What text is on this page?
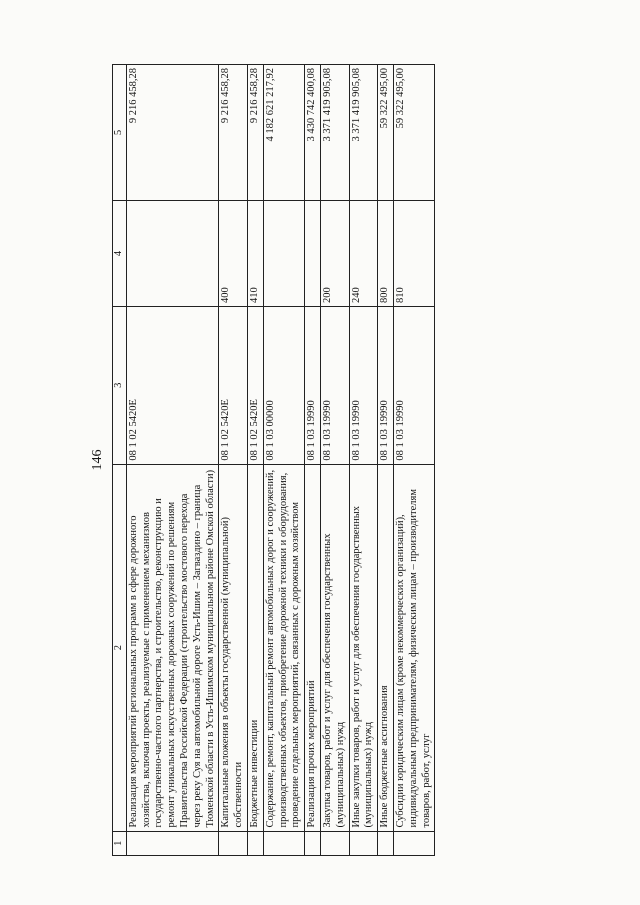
146
1	2	3	4	5
	Реализация мероприятий региональных программ в сфере дорожного хозяйства, включая проекты, реализуемые с применением механизмов государственно-частного партнерства, и строительство, реконструкцию и ремонт уникальных искусственных дорожных сооружений по решениям Правительства Российской Федерации (строительство мостового перехода через реку Суя на автомобильной дороге Усть-Ишим – Загваздино – граница Тюменской области в Усть-Ишимском муниципальном районе Омской области)	08 1 02 5420Е		9 216 458,28
	Капитальные вложения в объекты государственной (муниципальной) собственности	08 1 02 5420Е	400	9 216 458,28
	Бюджетные инвестиции	08 1 02 5420Е	410	9 216 458,28
	Содержание, ремонт, капитальный ремонт автомобильных дорог и сооружений, производственных объектов, приобретение дорожной техники и оборудования, проведение отдельных мероприятий, связанных с дорожным хозяйством	08 1 03 00000		4 182 621 217,92
	Реализация прочих мероприятий	08 1 03 19990		3 430 742 400,08
	Закупка товаров, работ и услуг для обеспечения государственных (муниципальных) нужд	08 1 03 19990	200	3 371 419 905,08
	Иные закупки товаров, работ и услуг для обеспечения государственных (муниципальных) нужд	08 1 03 19990	240	3 371 419 905,08
	Иные бюджетные ассигнования	08 1 03 19990	800	59 322 495,00
	Субсидии юридическим лицам (кроме некоммерческих организаций), индивидуальным предпринимателям, физическим лицам – производителям товаров, работ, услуг	08 1 03 19990	810	59 322 495,00
